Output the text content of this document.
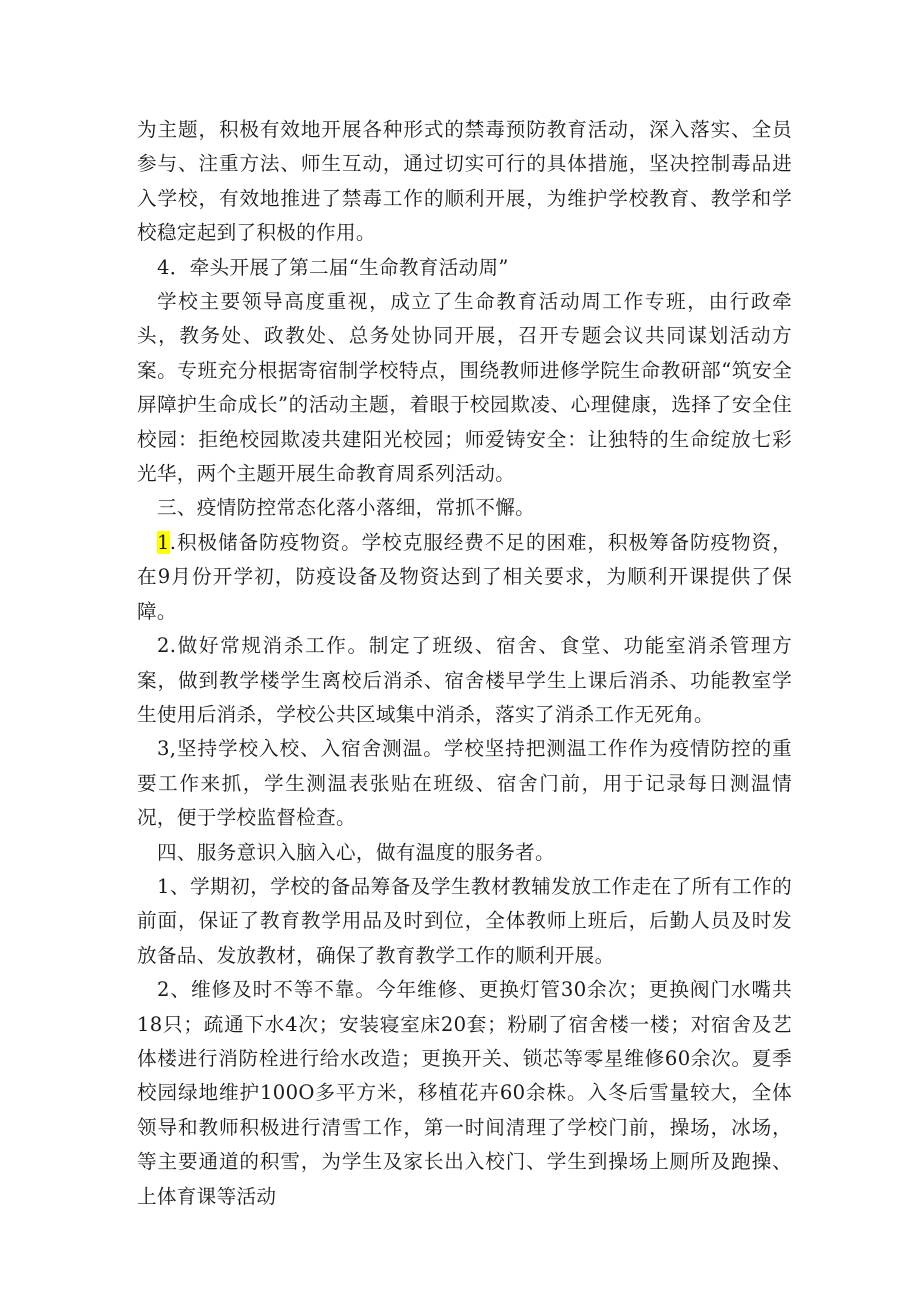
为主题，积极有效地开展各种形式的禁毒预防教育活动，深入落实、全员参与、注重方法、师生互动，通过切实可行的具体措施，坚决控制毒品进入学校，有效地推进了禁毒工作的顺利开展，为维护学校教育、教学和学校稳定起到了积极的作用。

4．牵头开展了第二届“生命教育活动周”

学校主要领导高度重视，成立了生命教育活动周工作专班，由行政牵头，教务处、政教处、总务处协同开展，召开专题会议共同谋划活动方案。专班充分根据寄宿制学校特点，围绕教师进修学院生命教研部“筑安全屏障护生命成长”的活动主题，着眼于校园欺凌、心理健康，选择了安全住校园：拒绝校园欺凌共建阳光校园；师爱铸安全：让独特的生命绽放七彩光华，两个主题开展生命教育周系列活动。

三、疫情防控常态化落小落细，常抓不懈。

1.积极储备防疫物资。学校克服经费不足的困难，积极筹备防疫物资，在9月份开学初，防疫设备及物资达到了相关要求，为顺利开课提供了保障。

2.做好常规消杀工作。制定了班级、宿舍、食堂、功能室消杀管理方案，做到教学楼学生离校后消杀、宿舍楼早学生上课后消杀、功能教室学生使用后消杀，学校公共区域集中消杀，落实了消杀工作无死角。

3,坚持学校入校、入宿舍测温。学校坚持把测温工作作为疫情防控的重要工作来抓，学生测温表张贴在班级、宿舍门前，用于记录每日测温情况，便于学校监督检查。

四、服务意识入脑入心，做有温度的服务者。

1、学期初，学校的备品筹备及学生教材教辅发放工作走在了所有工作的前面，保证了教育教学用品及时到位，全体教师上班后，后勤人员及时发放备品、发放教材，确保了教育教学工作的顺利开展。

2、维修及时不等不靠。今年维修、更换灯管30余次；更换阀门水嘴共18只；疏通下水4次；安装寝室床20套；粉刷了宿舍楼一楼；对宿舍及艺体楼进行消防栓进行给水改造；更换开关、锁芯等零星维修60余次。夏季校园绿地维护100O多平方米，移植花卉60余株。入冬后雪量较大，全体领导和教师积极进行清雪工作，第一时间清理了学校门前，操场，冰场，等主要通道的积雪，为学生及家长出入校门、学生到操场上厕所及跑操、上体育课等活动
